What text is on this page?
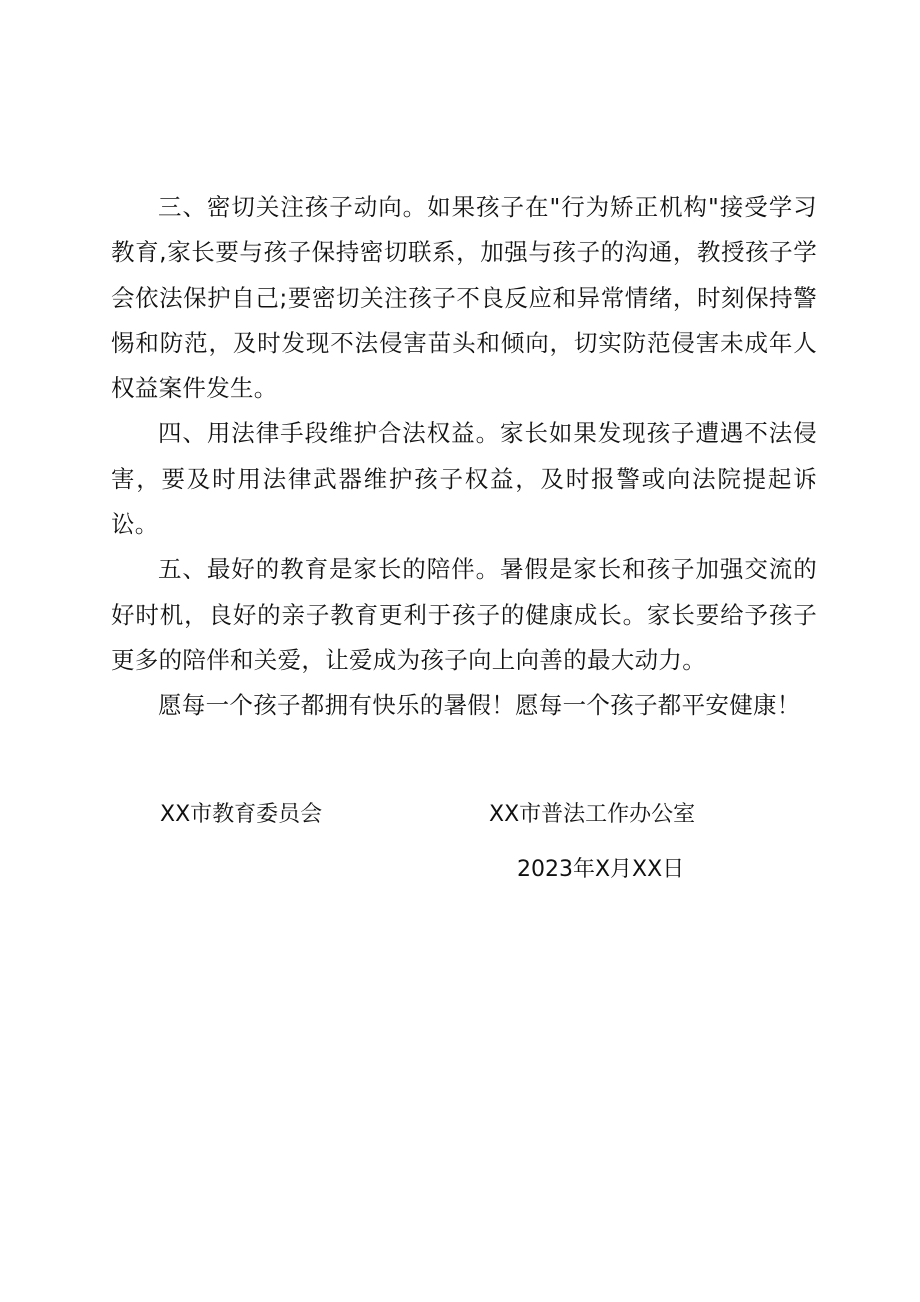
三、密切关注孩子动向。如果孩子在"行为矫正机构"接受学习教育,家长要与孩子保持密切联系，加强与孩子的沟通，教授孩子学会依法保护自己;要密切关注孩子不良反应和异常情绪，时刻保持警惕和防范，及时发现不法侵害苗头和倾向，切实防范侵害未成年人权益案件发生。

四、用法律手段维护合法权益。家长如果发现孩子遭遇不法侵害，要及时用法律武器维护孩子权益，及时报警或向法院提起诉讼。

五、最好的教育是家长的陪伴。暑假是家长和孩子加强交流的好时机，良好的亲子教育更利于孩子的健康成长。家长要给予孩子更多的陪伴和关爱，让爱成为孩子向上向善的最大动力。

愿每一个孩子都拥有快乐的暑假！愿每一个孩子都平安健康！

XX市教育委员会	XX市普法工作办公室
2023年X月XX日
